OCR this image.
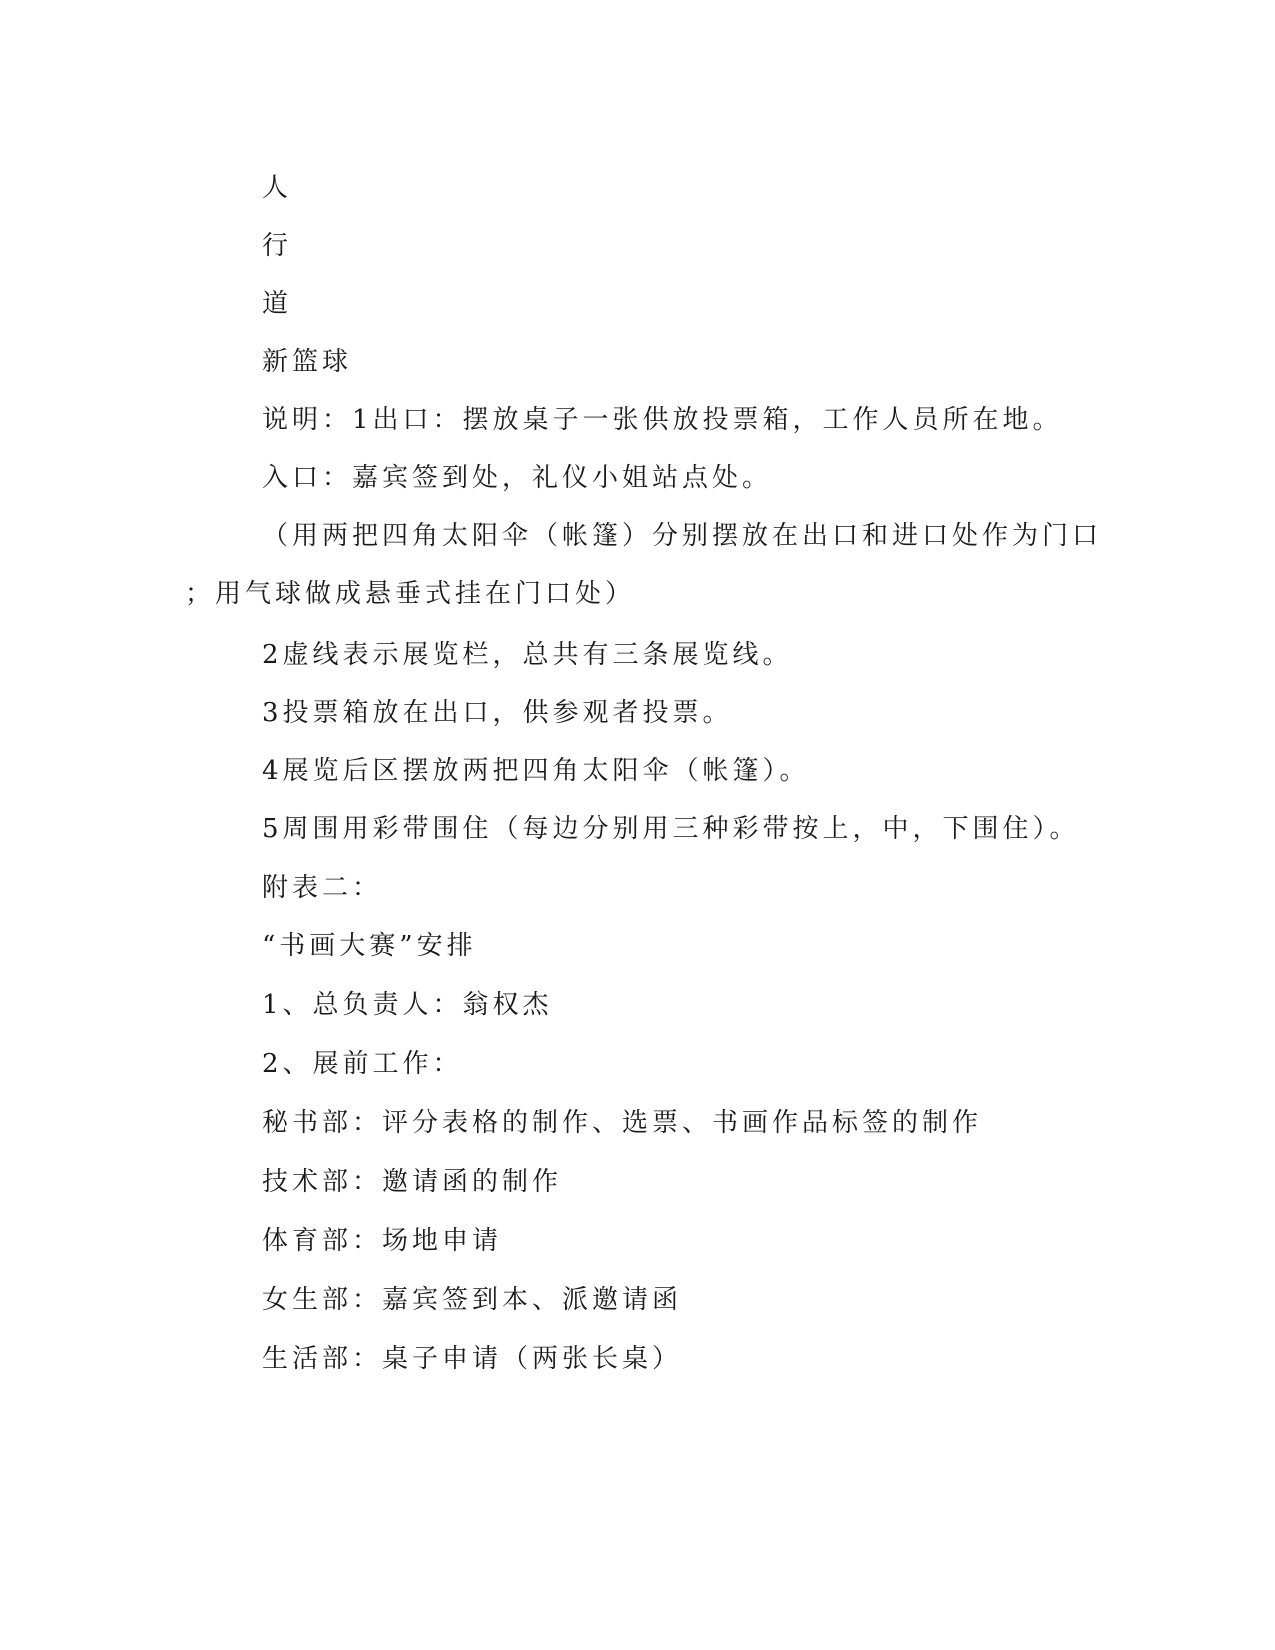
人
行
道
新篮球
说明：1出口：摆放桌子一张供放投票箱，工作人员所在地。
入口：嘉宾签到处，礼仪小姐站点处。
（用两把四角太阳伞（帐篷）分别摆放在出口和进口处作为门口
；用气球做成悬垂式挂在门口处）
2虚线表示展览栏，总共有三条展览线。
3投票箱放在出口，供参观者投票。
4展览后区摆放两把四角太阳伞（帐篷）。
5周围用彩带围住（每边分别用三种彩带按上，中，下围住）。
附表二：
“书画大赛”安排
1、总负责人：翁权杰
2、展前工作：
秘书部：评分表格的制作、选票、书画作品标签的制作
技术部：邀请函的制作
体育部：场地申请
女生部：嘉宾签到本、派邀请函
生活部：桌子申请（两张长桌）
